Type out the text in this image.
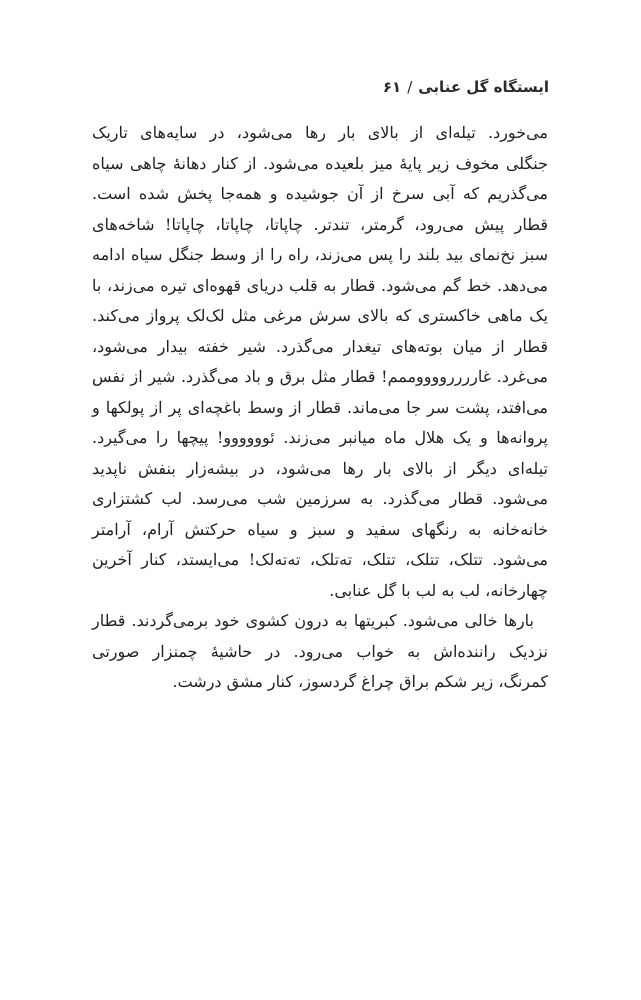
ایستگاه گل عنابی/۶۱

می‌خورد. تیله‌ای از بالای بار رها می‌شود، در سایه‌های تاریک
جنگلی مخوف زیر پایهٔ میز بلعیده می‌شود. از کنار دهانهٔ چاهی سیاه
می‌گذریم که آبی سرخ از آن جوشیده و همه‌جا پخش شده است.
قطار پیش می‌رود، گرمتر، تندتر. چاپاتا، چاپاتا، چاپاتا! شاخه‌های
سبز نخ‌نمای بید بلند را پس می‌زند، راه را از وسط جنگل سیاه ادامه
می‌دهد. خط گم می‌شود. قطار به قلب دریای قهوه‌ای تیره می‌زند، با
یک ماهی خاکستری که بالای سرش مرغی مثل لک‌لک پرواز می‌کند.
قطار از میان بوته‌های تیغدار می‌گذرد. شیر خفته بیدار می‌شود،
می‌غرد. غاررررووووممم! قطار مثل برق و باد می‌گذرد. شیر از نفس
می‌افتد، پشت سر جا می‌ماند. قطار از وسط باغچه‌ای پر از پولکها و
پروانه‌ها و یک هلال ماه میانبر می‌زند. ئوووووو! پیچها را می‌گیرد.
تیله‌ای دیگر از بالای بار رها می‌شود، در بیشه‌زار بنفش ناپدید
می‌شود. قطار می‌گذرد. به سرزمین شب می‌رسد. لب کشتزاری
خانه‌خانه به رنگهای سفید و سبز و سیاه حرکتش آرام، آرامتر
می‌شود. تتلک، تتلک، تتلک، ته‌تلک، ته‌ته‌لک! می‌ایستد، کنار آخرین
چهارخانه، لب به لب با گل عنابی.

بارها خالی می‌شود. کبریتها به درون کشوی خود برمی‌گردند. قطار
نزدیک راننده‌اش به خواب می‌رود. در حاشیهٔ چمنزار صورتی
کمرنگ، زیر شکم براق چراغ گردسوز، کنار مشق درشت.
